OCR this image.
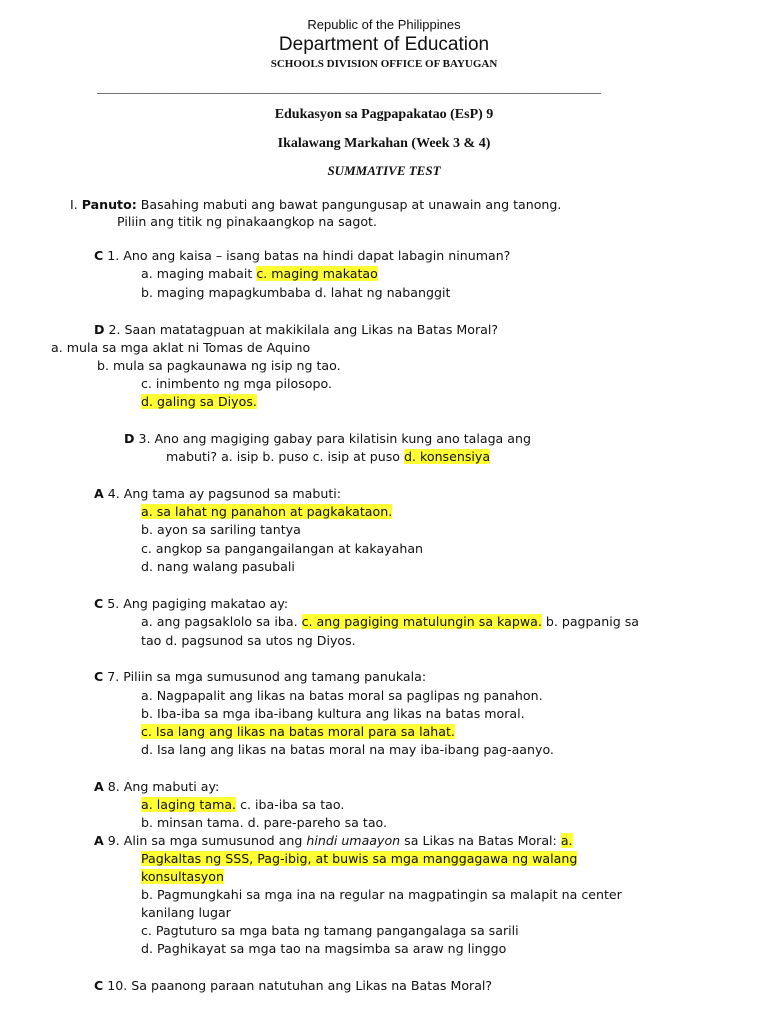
Republic of the Philippines
Department of Education
SCHOOLS DIVISION OFFICE OF BAYUGAN
____________________________________________________________________________________
Edukasyon sa Pagpapakatao (EsP) 9
Ikalawang Markahan (Week 3 & 4)
SUMMATIVE TEST
I. Panuto: Basahing mabuti ang bawat pangungusap at unawain ang tanong.
Piliin ang titik ng pinakaangkop na sagot.
C 1. Ano ang kaisa – isang batas na hindi dapat labagin ninuman?
a. maging mabait c. maging makatao
b. maging mapagkumbaba d. lahat ng nabanggit
D 2. Saan matatagpuan at makikilala ang Likas na Batas Moral?
a. mula sa mga aklat ni Tomas de Aquino
b. mula sa pagkaunawa ng isip ng tao.
c. inimbento ng mga pilosopo.
d. galing sa Diyos.
D 3. Ano ang magiging gabay para kilatisin kung ano talaga ang
mabuti? a. isip b. puso c. isip at puso d. konsensiya
A 4. Ang tama ay pagsunod sa mabuti:
a. sa lahat ng panahon at pagkakataon.
b. ayon sa sariling tantya
c. angkop sa pangangailangan at kakayahan
d. nang walang pasubali
C 5. Ang pagiging makatao ay:
a. ang pagsaklolo sa iba. c. ang pagiging matulungin sa kapwa. b. pagpanig sa
tao d. pagsunod sa utos ng Diyos.
C 7. Piliin sa mga sumusunod ang tamang panukala:
a. Nagpapalit ang likas na batas moral sa paglipas ng panahon.
b. Iba-iba sa mga iba-ibang kultura ang likas na batas moral.
c. Isa lang ang likas na batas moral para sa lahat.
d. Isa lang ang likas na batas moral na may iba-ibang pag-aanyo.
A 8. Ang mabuti ay:
a. laging tama. c. iba-iba sa tao.
b. minsan tama. d. pare-pareho sa tao.
A 9. Alin sa mga sumusunod ang hindi umaayon sa Likas na Batas Moral: a.
Pagkaltas ng SSS, Pag-ibig, at buwis sa mga manggagawa ng walang
konsultasyon
b. Pagmungkahi sa mga ina na regular na magpatingin sa malapit na center
kanilang lugar
c. Pagtuturo sa mga bata ng tamang pangangalaga sa sarili
d. Paghikayat sa mga tao na magsimba sa araw ng linggo
C 10. Sa paanong paraan natutuhan ang Likas na Batas Moral?
